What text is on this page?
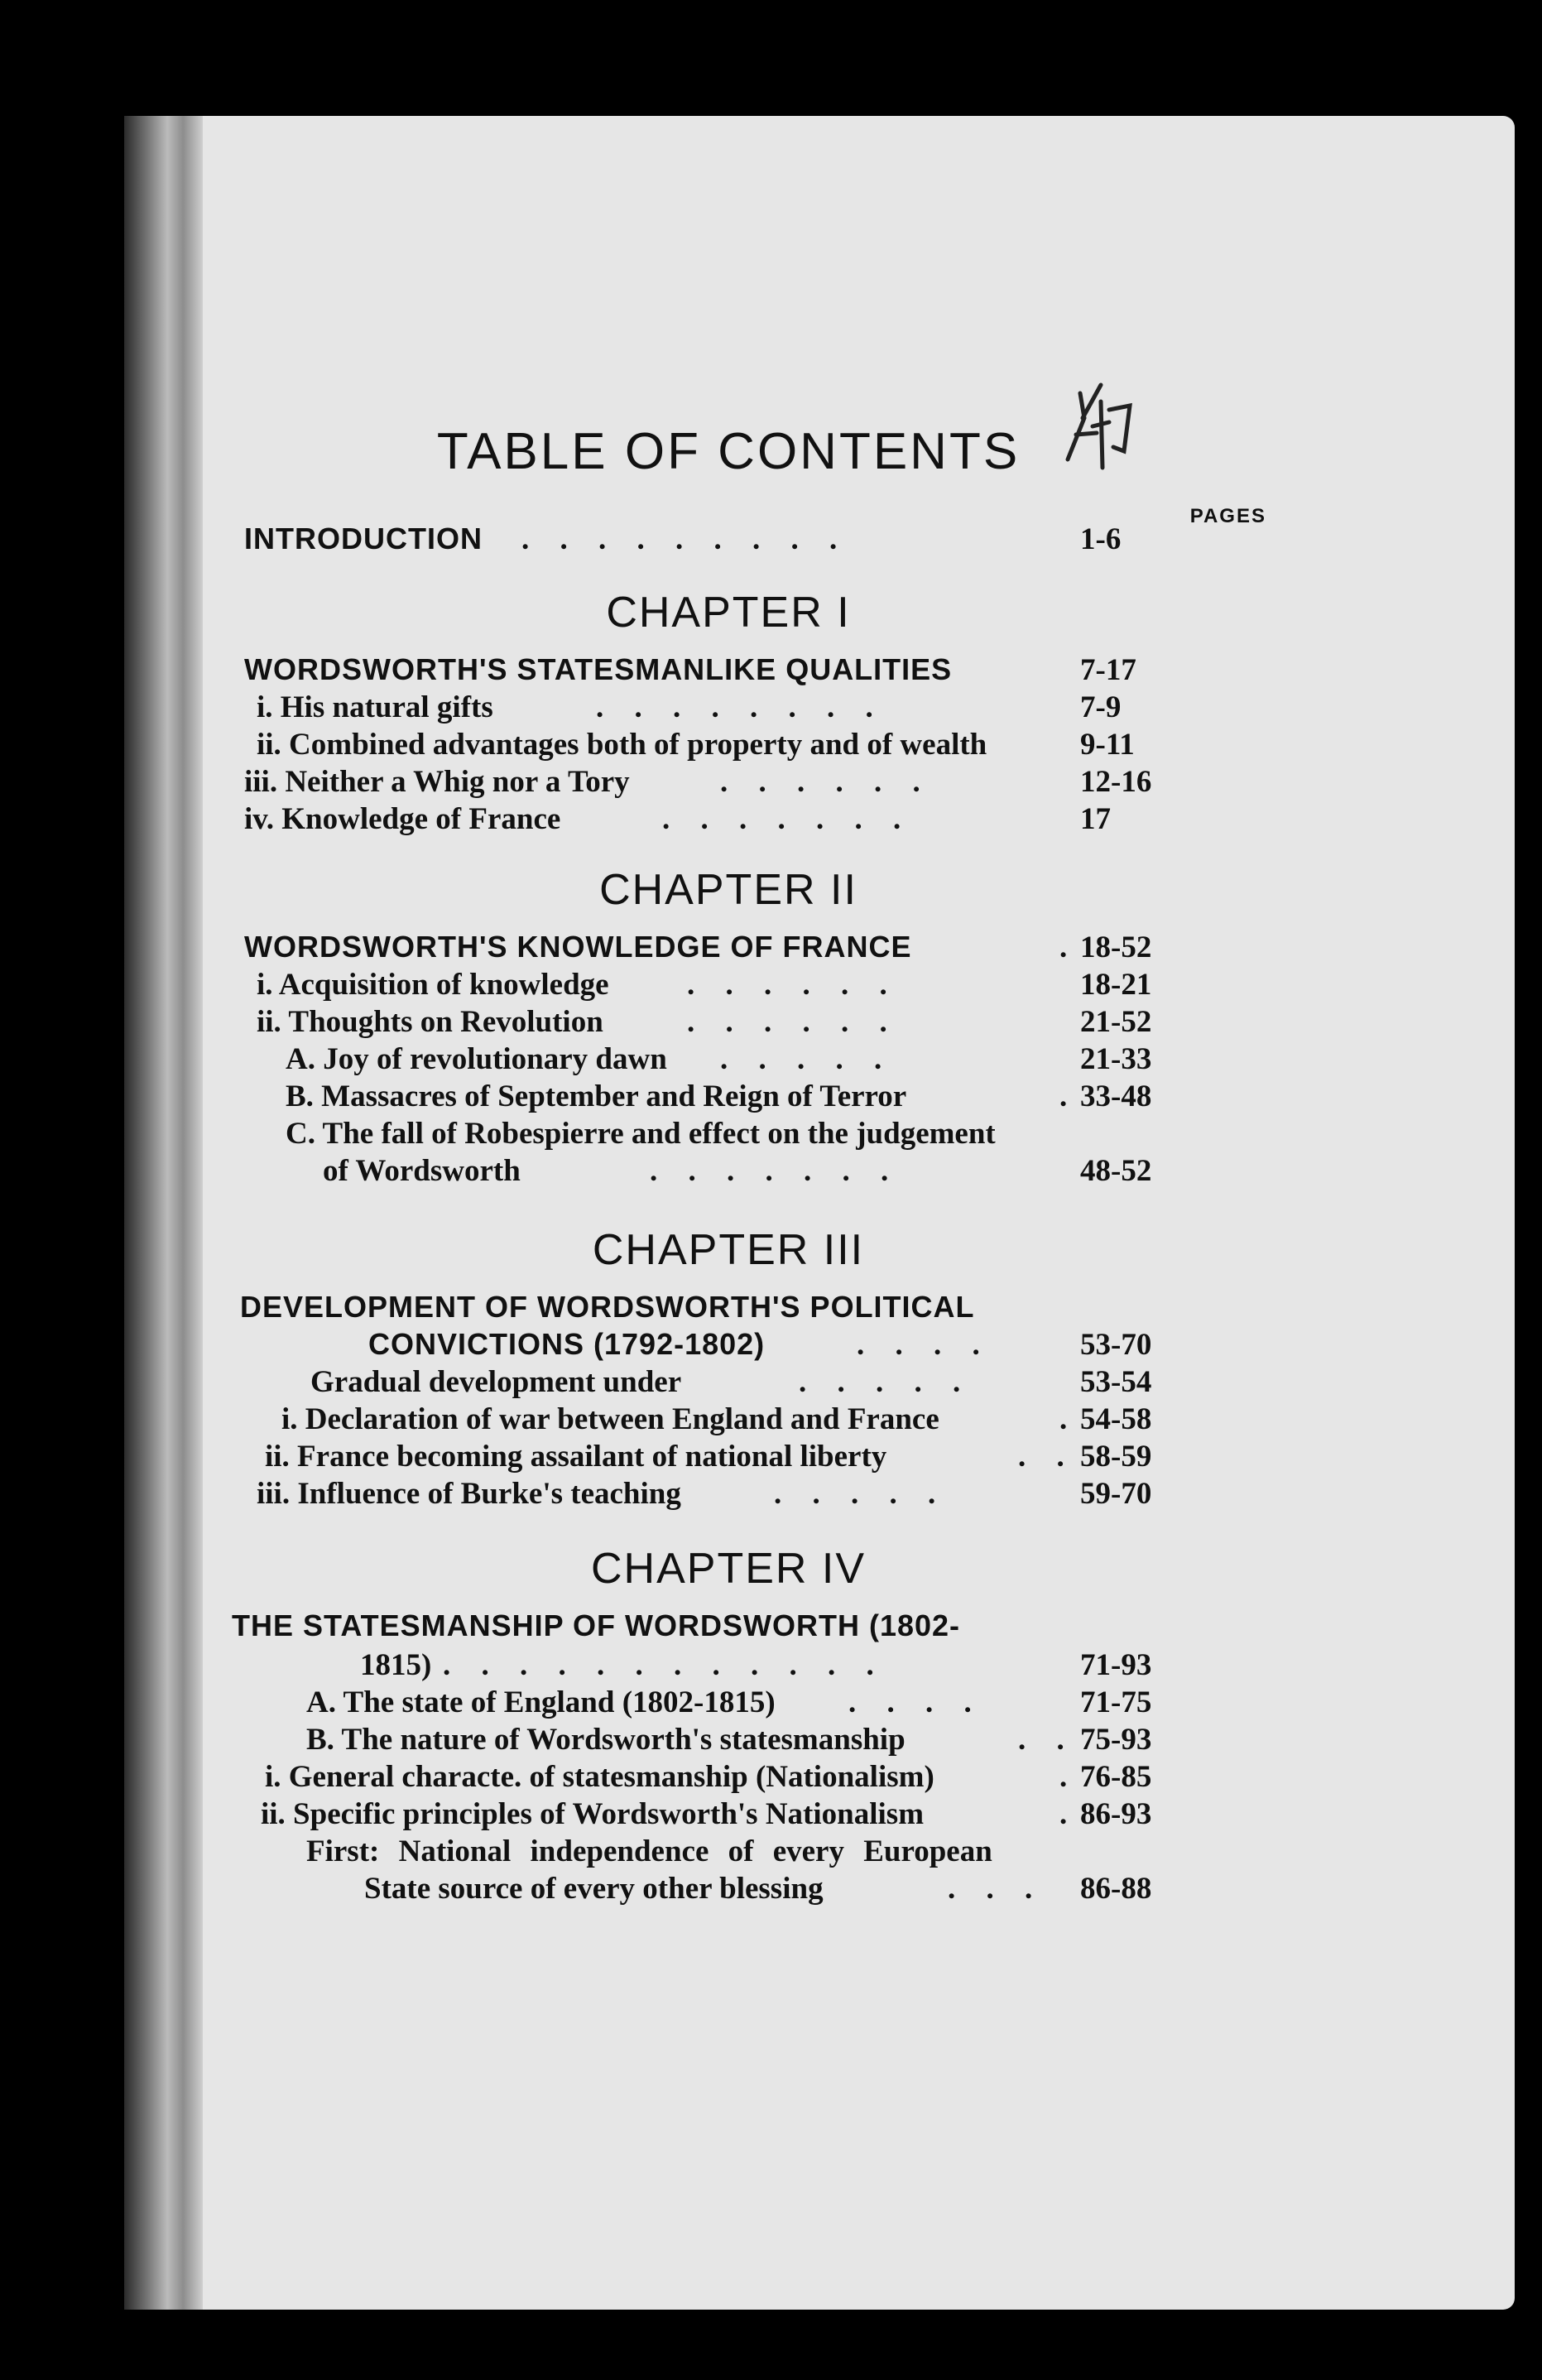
TABLE OF CONTENTS
PAGES
INTRODUCTION . . . . . . . . .	1-6
CHAPTER I
WORDSWORTH'S STATESMANLIKE QUALITIES	7-17
i. His natural gifts	. . . . . . . .	7-9
ii. Combined advantages both of property and of wealth	9-11
iii. Neither a Whig nor a Tory	. . . . . .	12-16
iv. Knowledge of France	. . . . . . .	17
CHAPTER II
WORDSWORTH'S KNOWLEDGE OF FRANCE	. 18-52
i. Acquisition of knowledge	. . . . . .	18-21
ii. Thoughts on Revolution	. . . . . .	21-52
A. Joy of revolutionary dawn . . . . .	21-33
B. Massacres of September and Reign of Terror	. 33-48
C. The fall of Robespierre and effect on the judgement
of Wordsworth	. . . . . . .	48-52
CHAPTER III
DEVELOPMENT OF WORDSWORTH'S POLITICAL
CONVICTIONS (1792-1802)	. . . .	53-70
Gradual development under	. . . . .	53-54
i. Declaration of war between England and France	. 54-58
ii. France becoming assailant of national liberty	. . 58-59
iii. Influence of Burke's teaching	. . . . .	59-70
CHAPTER IV
THE STATESMANSHIP OF WORDSWORTH (1802-
1815) . . . . . . . . . . . .	71-93
A. The state of England (1802-1815) . . . .	71-75
B. The nature of Wordsworth's statesmanship	. . 75-93
i. General characte. of statesmanship (Nationalism)	. 76-85
ii. Specific principles of Wordsworth's Nationalism	. 86-93
First: National independence of every European
State source of every other blessing	. . . 86-88
